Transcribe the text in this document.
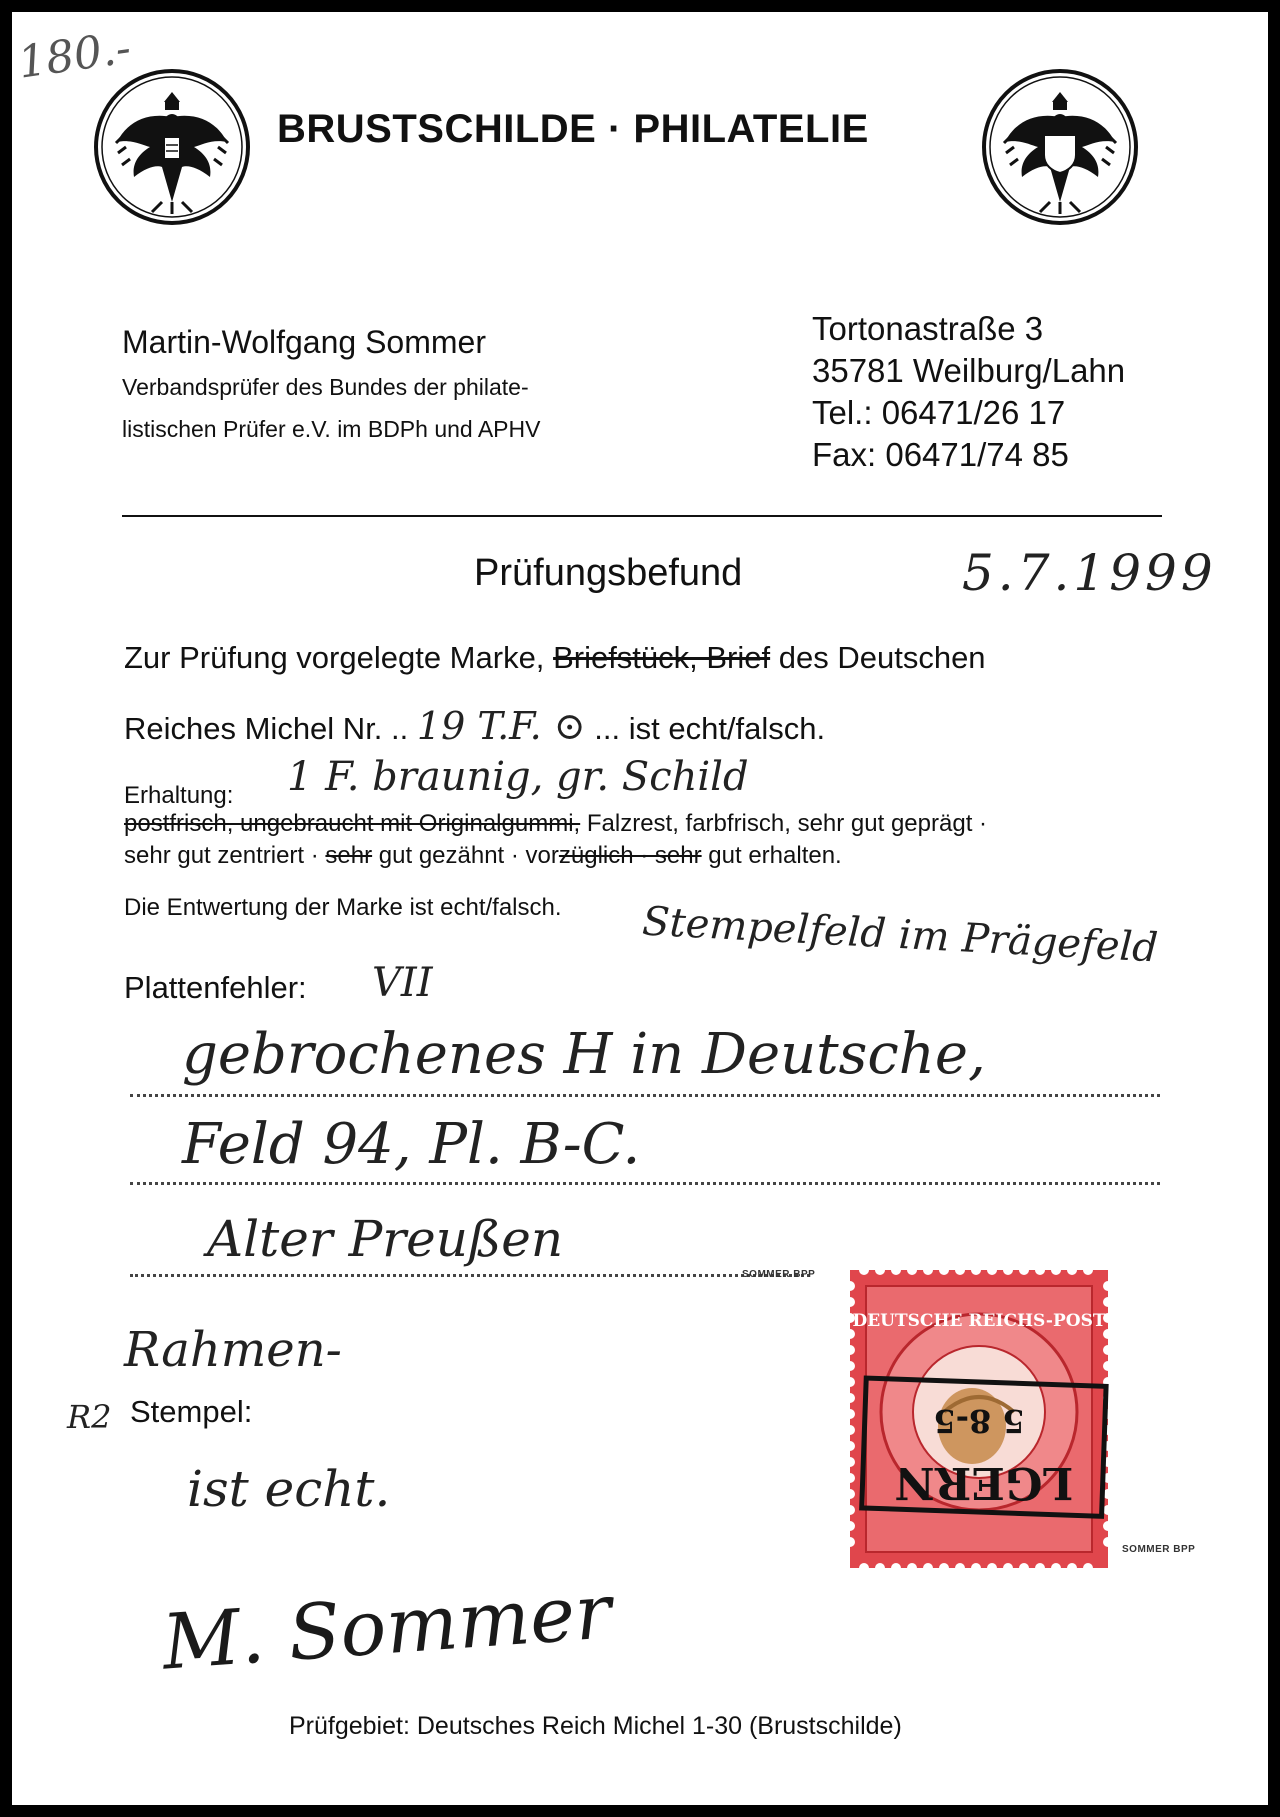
180.-
BRUSTSCHILDE · PHILATELIE
Martin-Wolfgang Sommer
Verbandsprüfer des Bundes der philate-
listischen Prüfer e.V. im BDPh und APHV
Tortonastraße 3
35781 Weilburg/Lahn
Tel.: 06471/26 17
Fax: 06471/74 85
Prüfungsbefund	5.7.1999
Zur Prüfung vorgelegte Marke, Briefstück, Brief des Deutschen
Reiches Michel Nr. .. 19 T.F. ⊙ ... ist echt/falsch.
Erhaltung: 1 F. braunig, gr. Schild
postfrisch, ungebraucht mit Originalgummi, Falzrest, farbfrisch, sehr gut geprägt ·
sehr gut zentriert · sehr gut gezähnt · vorzüglich · sehr gut erhalten.
Die Entwertung der Marke ist echt/falsch. Stempelfeld im Prägefeld
Plattenfehler: VII
gebrochenes H in Deutsche,
Feld 94, Pl. B-C.
Alter Preußen
Rahmen-
R2 Stempel:
ist echt.
M. Sommer
Prüfgebiet: Deutsches Reich Michel 1-30 (Brustschilde)
SOMMER BPP
SOMMER BPP
LGERN
5 8-5
DEUTSCHE REICHS-POST
